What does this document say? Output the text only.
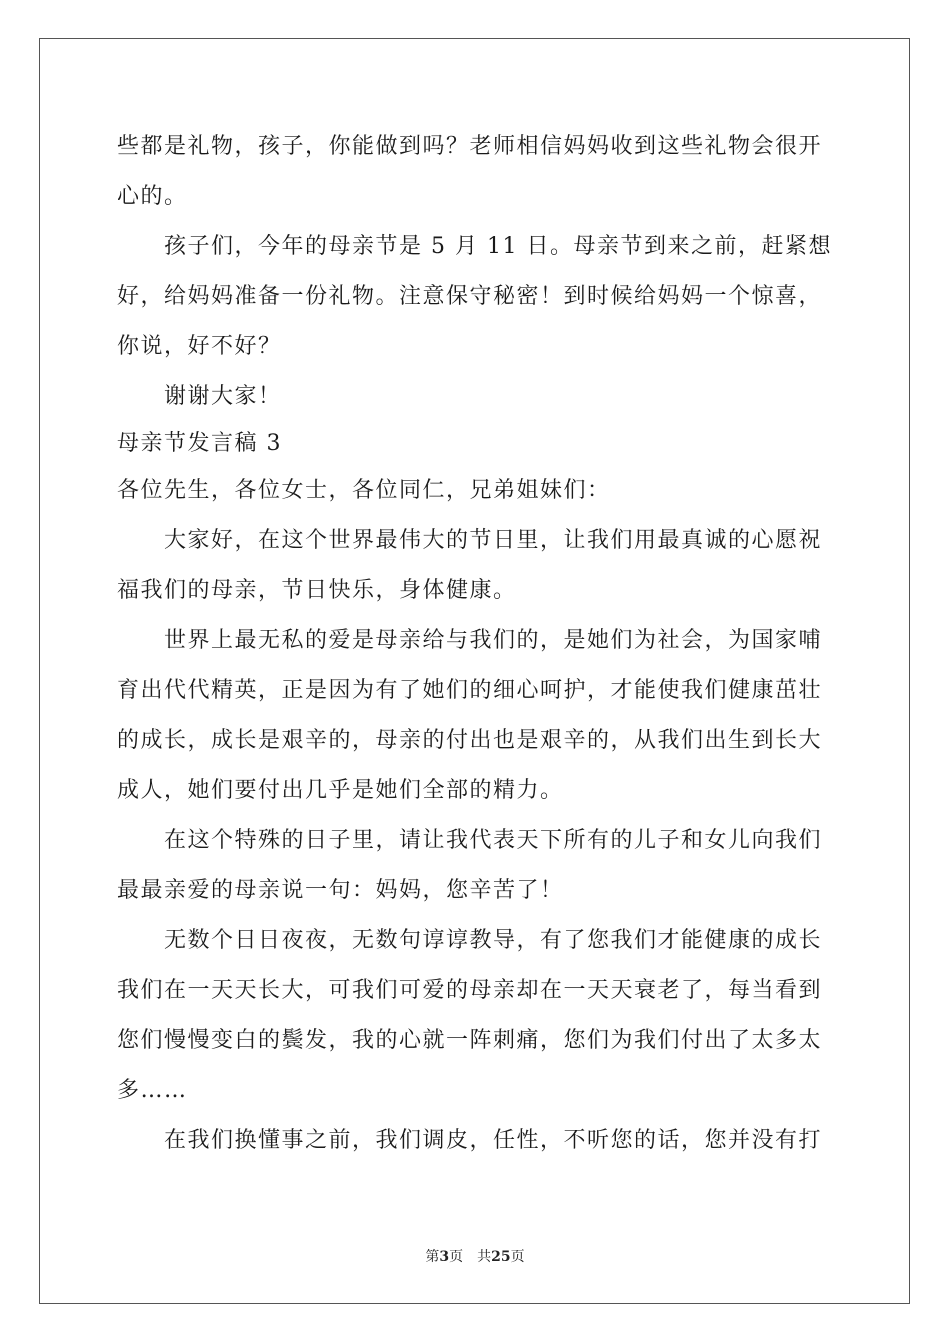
些都是礼物，孩子，你能做到吗？老师相信妈妈收到这些礼物会很开
心的。
　　孩子们，今年的母亲节是 5 月 11 日。母亲节到来之前，赶紧想
好，给妈妈准备一份礼物。注意保守秘密！到时候给妈妈一个惊喜，
你说，好不好？
　　谢谢大家！
母亲节发言稿 3
各位先生，各位女士，各位同仁，兄弟姐妹们：
　　大家好，在这个世界最伟大的节日里，让我们用最真诚的心愿祝
福我们的母亲，节日快乐，身体健康。
　　世界上最无私的爱是母亲给与我们的，是她们为社会，为国家哺
育出代代精英，正是因为有了她们的细心呵护，才能使我们健康茁壮
的成长，成长是艰辛的，母亲的付出也是艰辛的，从我们出生到长大
成人，她们要付出几乎是她们全部的精力。
　　在这个特殊的日子里，请让我代表天下所有的儿子和女儿向我们
最最亲爱的母亲说一句：妈妈，您辛苦了！
　　无数个日日夜夜，无数句谆谆教导，有了您我们才能健康的成长
我们在一天天长大，可我们可爱的母亲却在一天天衰老了，每当看到
您们慢慢变白的鬓发，我的心就一阵刺痛，您们为我们付出了太多太
多……
　　在我们换懂事之前，我们调皮，任性，不听您的话，您并没有打
第3页　共25页
